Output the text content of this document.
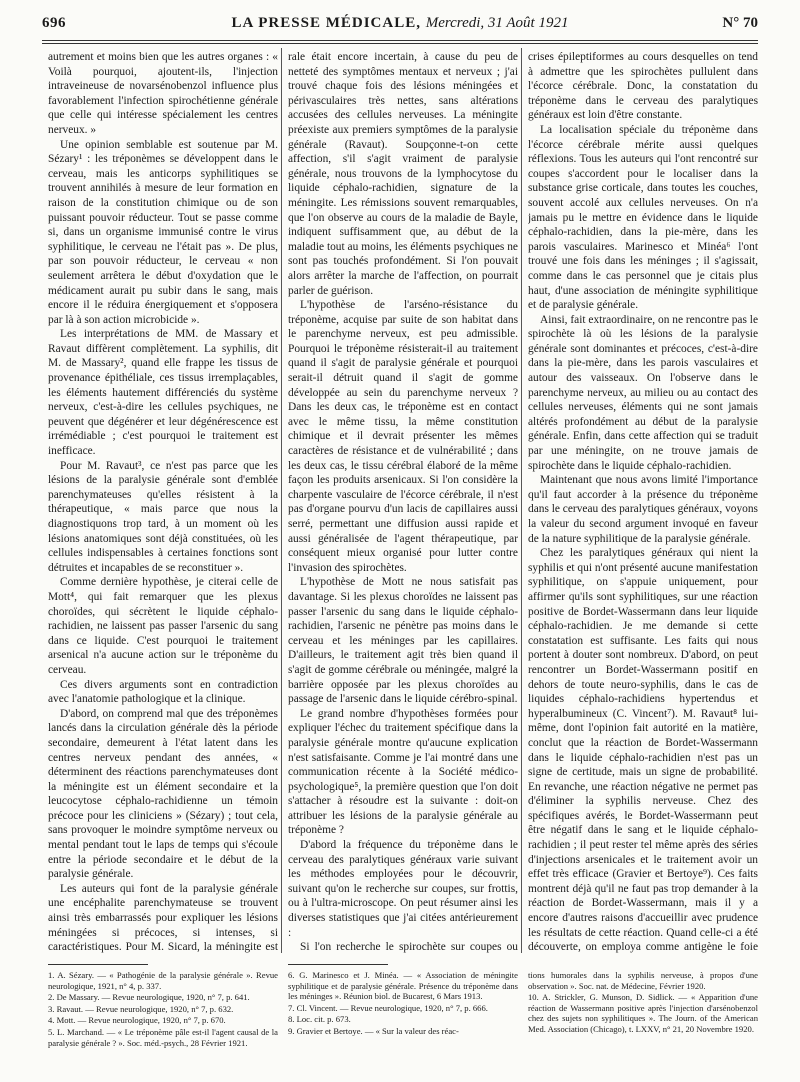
696	LA PRESSE MÉDICALE, Mercredi, 31 Août 1921	N° 70

autrement et moins bien que les autres organes : « Voilà pourquoi, ajoutent-ils, l'injection intraveineuse de novarsénobenzol influence plus favorablement l'infection spirochétienne générale que celle qui intéresse spécialement les centres nerveux. »

Une opinion semblable est soutenue par M. Sézary¹ : les tréponèmes se développent dans le cerveau, mais les anticorps syphilitiques se trouvent annihilés à mesure de leur formation en raison de la constitution chimique ou de son puissant pouvoir réducteur. Tout se passe comme si, dans un organisme immunisé contre le virus syphilitique, le cerveau ne l'était pas ». De plus, par son pouvoir réducteur, le cerveau « non seulement arrêtera le début d'oxydation que le médicament aurait pu subir dans le sang, mais encore il le réduira énergiquement et s'opposera par là à son action microbicide ».

Les interprétations de MM. de Massary et Ravaut diffèrent complètement. La syphilis, dit M. de Massary², quand elle frappe les tissus de provenance épithéliale, ces tissus irremplaçables, les éléments hautement différenciés du système nerveux, c'est-à-dire les cellules psychiques, ne peuvent que dégénérer et leur dégénérescence est irrémédiable ; c'est pourquoi le traitement est inefficace.

Pour M. Ravaut³, ce n'est pas parce que les lésions de la paralysie générale sont d'emblée parenchymateuses qu'elles résistent à la thérapeutique, « mais parce que nous la diagnostiquons trop tard, à un moment où les lésions anatomiques sont déjà constituées, où les cellules indispensables à certaines fonctions sont détruites et incapables de se reconstituer ».

Comme dernière hypothèse, je citerai celle de Mott⁴, qui fait remarquer que les plexus choroïdes, qui sécrètent le liquide céphalo-rachidien, ne laissent pas passer l'arsenic du sang dans ce liquide. C'est pourquoi le traitement arsenical n'a aucune action sur le tréponème du cerveau.

Ces divers arguments sont en contradiction avec l'anatomie pathologique et la clinique.

D'abord, on comprend mal que des tréponèmes lancés dans la circulation générale dès la période secondaire, demeurent à l'état latent dans les centres nerveux pendant des années, « déterminent des réactions parenchymateuses dont la méningite est un élément secondaire et la leucocytose céphalo-rachidienne un témoin précoce pour les cliniciens » (Sézary) ; tout cela, sans provoquer le moindre symptôme nerveux ou mental pendant tout le laps de temps qui s'écoule entre la période secondaire et le début de la paralysie générale.

Les auteurs qui font de la paralysie générale une encéphalite parenchymateuse se trouvent ainsi très embarrassés pour expliquer les lésions méningées si précoces, si intenses, si caractéristiques. Pour M. Sicard, la méningite est

rale était encore incertain, à cause du peu de netteté des symptômes mentaux et nerveux ; j'ai trouvé chaque fois des lésions méningées et périvasculaires très nettes, sans altérations accusées des cellules nerveuses. La méningite préexiste aux premiers symptômes de la paralysie générale (Ravaut). Soupçonne-t-on cette affection, s'il s'agit vraiment de paralysie générale, nous trouvons de la lymphocytose du liquide céphalo-rachidien, signature de la méningite. Les rémissions souvent remarquables, que l'on observe au cours de la maladie de Bayle, indiquent suffisamment que, au début de la maladie tout au moins, les éléments psychiques ne sont pas touchés profondément. Si l'on pouvait alors arrêter la marche de l'affection, on pourrait parler de guérison.

L'hypothèse de l'arséno-résistance du tréponème, acquise par suite de son habitat dans le parenchyme nerveux, est peu admissible. Pourquoi le tréponème résisterait-il au traitement quand il s'agit de paralysie générale et pourquoi serait-il détruit quand il s'agit de gomme développée au sein du parenchyme nerveux ? Dans les deux cas, le tréponème est en contact avec le même tissu, la même constitution chimique et il devrait présenter les mêmes caractères de résistance et de vulnérabilité ; dans les deux cas, le tissu cérébral élaboré de la même façon les produits arsenicaux. Si l'on considère la charpente vasculaire de l'écorce cérébrale, il n'est pas d'organe pourvu d'un lacis de capillaires aussi serré, permettant une diffusion aussi rapide et aussi généralisée de l'agent thérapeutique, par conséquent mieux organisé pour lutter contre l'invasion des spirochètes.

L'hypothèse de Mott ne nous satisfait pas davantage. Si les plexus choroïdes ne laissent pas passer l'arsenic du sang dans le liquide céphalo-rachidien, l'arsenic ne pénètre pas moins dans le cerveau et les méninges par les capillaires. D'ailleurs, le traitement agit très bien quand il s'agit de gomme cérébrale ou méningée, malgré la barrière opposée par les plexus choroïdes au passage de l'arsenic dans le liquide cérébro-spinal.

Le grand nombre d'hypothèses formées pour expliquer l'échec du traitement spécifique dans la paralysie générale montre qu'aucune explication n'est satisfaisante. Comme je l'ai montré dans une communication récente à la Société médico-psychologique⁵, la première question que l'on doit s'attacher à résoudre est la suivante : doit-on attribuer les lésions de la paralysie générale au tréponème ?

D'abord la fréquence du tréponème dans le cerveau des paralytiques généraux varie suivant les méthodes employées pour le découvrir, suivant qu'on le recherche sur coupes, sur frottis, ou à l'ultra-microscope. On peut résumer ainsi les diverses statistiques que j'ai citées antérieurement :

Si l'on recherche le spirochète sur coupes ou

crises épileptiformes au cours desquelles on tend à admettre que les spirochètes pullulent dans l'écorce cérébrale. Donc, la constatation du tréponème dans le cerveau des paralytiques généraux est loin d'être constante.

La localisation spéciale du tréponème dans l'écorce cérébrale mérite aussi quelques réflexions. Tous les auteurs qui l'ont rencontré sur coupes s'accordent pour le localiser dans la substance grise corticale, dans toutes les couches, souvent accolé aux cellules nerveuses. On n'a jamais pu le mettre en évidence dans le liquide céphalo-rachidien, dans la pie-mère, dans les parois vasculaires. Marinesco et Minéa⁶ l'ont trouvé une fois dans les méninges ; il s'agissait, comme dans le cas personnel que je citais plus haut, d'une association de méningite syphilitique et de paralysie générale.

Ainsi, fait extraordinaire, on ne rencontre pas le spirochète là où les lésions de la paralysie générale sont dominantes et précoces, c'est-à-dire dans la pie-mère, dans les parois vasculaires et autour des vaisseaux. On l'observe dans le parenchyme nerveux, au milieu ou au contact des cellules nerveuses, éléments qui ne sont jamais altérés profondément au début de la paralysie générale. Enfin, dans cette affection qui se traduit par une méningite, on ne trouve jamais de spirochète dans le liquide céphalo-rachidien.

Maintenant que nous avons limité l'importance qu'il faut accorder à la présence du tréponème dans le cerveau des paralytiques généraux, voyons la valeur du second argument invoqué en faveur de la nature syphilitique de la paralysie générale.

Chez les paralytiques généraux qui nient la syphilis et qui n'ont présenté aucune manifestation syphilitique, on s'appuie uniquement, pour affirmer qu'ils sont syphilitiques, sur une réaction positive de Bordet-Wassermann dans leur liquide céphalo-rachidien. Je me demande si cette constatation est suffisante. Les faits qui nous portent à douter sont nombreux. D'abord, on peut rencontrer un Bordet-Wassermann positif en dehors de toute neuro-syphilis, dans le cas de liquides céphalo-rachidiens hypertendus et hyperalbumineux (C. Vincent⁷). M. Ravaut⁸ lui-même, dont l'opinion fait autorité en la matière, conclut que la réaction de Bordet-Wassermann dans le liquide céphalo-rachidien n'est pas un signe de certitude, mais un signe de probabilité. En revanche, une réaction négative ne permet pas d'éliminer la syphilis nerveuse. Chez des spécifiques avérés, le Bordet-Wassermann peut être négatif dans le sang et le liquide céphalo-rachidien ; il peut rester tel même après des séries d'injections arsenicales et le traitement avoir un effet très efficace (Gravier et Bertoye⁹). Ces faits montrent déjà qu'il ne faut pas trop demander à la réaction de Bordet-Wassermann, mais il y a encore d'autres raisons d'accueillir avec prudence les résultats de cette réaction. Quand celle-ci a été découverte, on employa comme antigène le foie

1. A. Sézary. — « Pathogénie de la paralysie générale ». Revue neurologique, 1921, n° 4, p. 337.
2. De Massary. — Revue neurologique, 1920, n° 7, p. 641.
3. Ravaut. — Revue neurologique, 1920, n° 7, p. 632.
4. Mott. — Revue neurologique, 1920, n° 7, p. 670.
5. L. Marchand. — « Le tréponème pâle est-il l'agent causal de la paralysie générale ? ». Soc. méd.-psych., 28 Février 1921.
6. G. Marinesco et J. Minéa. — « Association de méningite syphilitique et de paralysie générale. Présence du tréponème dans les méninges ». Réunion biol. de Bucarest, 6 Mars 1913.
7. Cl. Vincent. — Revue neurologique, 1920, n° 7, p. 666.
8. Loc. cit. p. 673.
9. Gravier et Bertoye. — « Sur la valeur des réac-
tions humorales dans la syphilis nerveuse, à propos d'une observation ». Soc. nat. de Médecine, Février 1920.
10. A. Strickler, G. Munson, D. Sidlick. — « Apparition d'une réaction de Wassermann positive après l'injection d'arsénobenzol chez des sujets non syphilitiques ». The Journ. of the American Med. Association (Chicago), t. LXXV, n° 21, 20 Novembre 1920.
